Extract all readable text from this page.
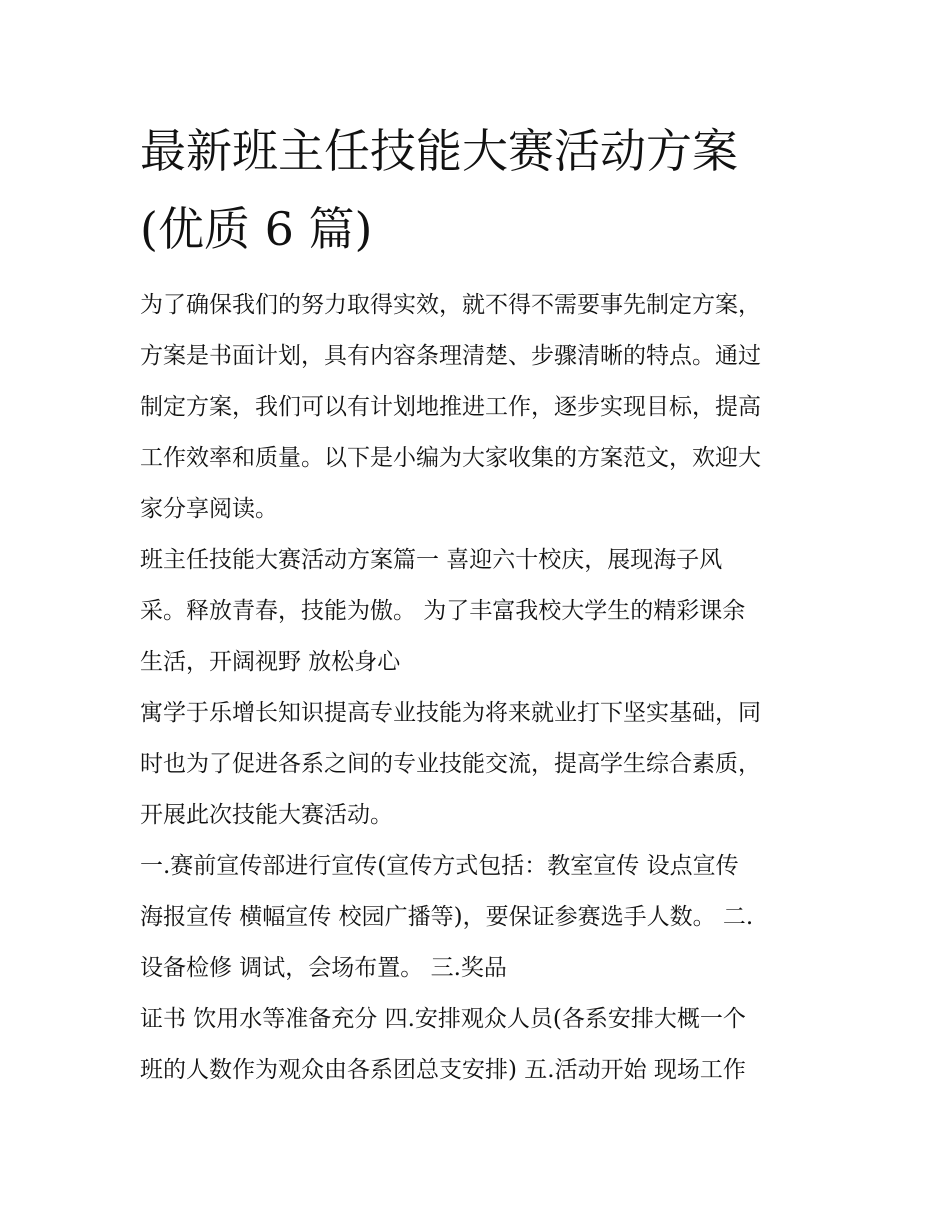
最新班主任技能大赛活动方案
(优质 6 篇)

为了确保我们的努力取得实效，就不得不需要事先制定方案，
方案是书面计划，具有内容条理清楚、步骤清晰的特点。通过
制定方案，我们可以有计划地推进工作，逐步实现目标，提高
工作效率和质量。以下是小编为大家收集的方案范文，欢迎大
家分享阅读。

班主任技能大赛活动方案篇一 喜迎六十校庆，展现海子风
采。释放青春，技能为傲。 为了丰富我校大学生的精彩课余
生活，开阔视野 放松身心

寓学于乐增长知识提高专业技能为将来就业打下坚实基础，同
时也为了促进各系之间的专业技能交流，提高学生综合素质，
开展此次技能大赛活动。

一.赛前宣传部进行宣传(宣传方式包括：教室宣传 设点宣传
海报宣传 横幅宣传 校园广播等)，要保证参赛选手人数。 二.
设备检修 调试，会场布置。 三.奖品

证书 饮用水等准备充分 四.安排观众人员(各系安排大概一个
班的人数作为观众由各系团总支安排) 五.活动开始 现场工作
